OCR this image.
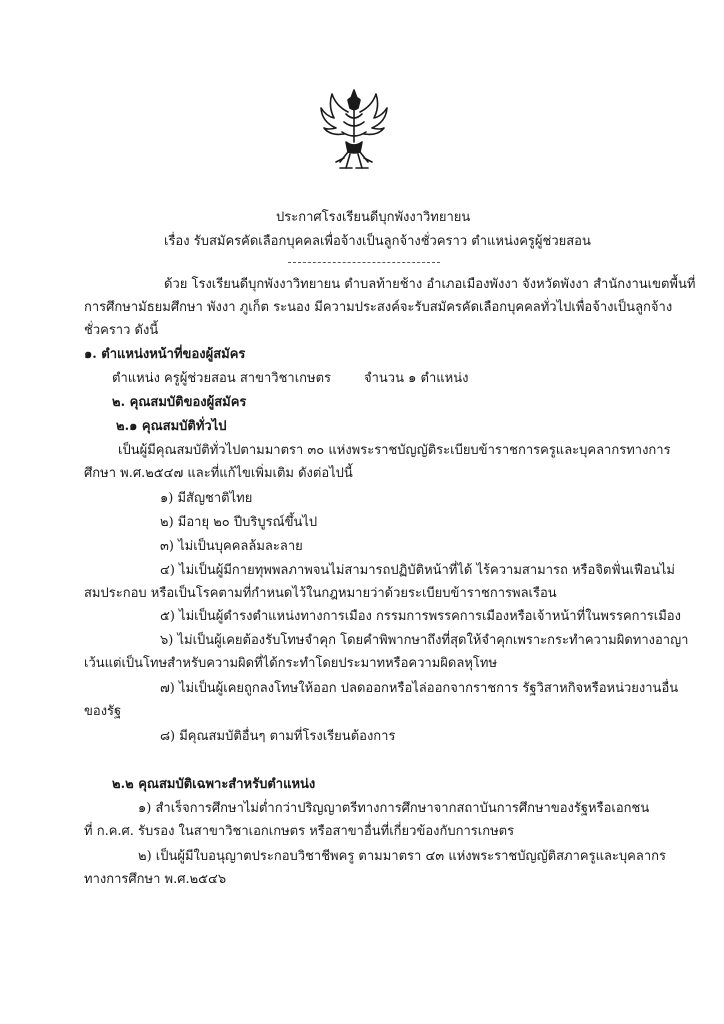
ประกาศโรงเรียนดีบุกพังงาวิทยายน
เรื่อง รับสมัครคัดเลือกบุคคลเพื่อจ้างเป็นลูกจ้างชั่วคราว ตำแหน่งครูผู้ช่วยสอน
ด้วย โรงเรียนดีบุกพังงาวิทยายน ตำบลท้ายช้าง อำเภอเมืองพังงา จังหวัดพังงา สำนักงานเขตพื้นที่
การศึกษามัธยมศึกษา พังงา ภูเก็ต ระนอง มีความประสงค์จะรับสมัครคัดเลือกบุคคลทั่วไปเพื่อจ้างเป็นลูกจ้าง
ชั่วคราว ดังนี้
๑. ตำแหน่งหน้าที่ของผู้สมัคร
ตำแหน่ง ครูผู้ช่วยสอน สาขาวิชาเกษตร	จำนวน ๑ ตำแหน่ง
๒. คุณสมบัติของผู้สมัคร
๒.๑ คุณสมบัติทั่วไป
เป็นผู้มีคุณสมบัติทั่วไปตามมาตรา ๓๐ แห่งพระราชบัญญัติระเบียบข้าราชการครูและบุคลากรทางการ
ศึกษา พ.ศ.๒๕๔๗ และที่แก้ไขเพิ่มเติม ดังต่อไปนี้
๑) มีสัญชาติไทย
๒) มีอายุ ๒๐ ปีบริบูรณ์ขึ้นไป
๓) ไม่เป็นบุคคลล้มละลาย
๔) ไม่เป็นผู้มีกายทุพพลภาพจนไม่สามารถปฏิบัติหน้าที่ได้ ไร้ความสามารถ หรือจิตฟั่นเฟือนไม่
สมประกอบ หรือเป็นโรคตามที่กำหนดไว้ในกฎหมายว่าด้วยระเบียบข้าราชการพลเรือน
๕) ไม่เป็นผู้ดำรงตำแหน่งทางการเมือง กรรมการพรรคการเมืองหรือเจ้าหน้าที่ในพรรคการเมือง
๖) ไม่เป็นผู้เคยต้องรับโทษจำคุก โดยคำพิพากษาถึงที่สุดให้จำคุกเพราะกระทำความผิดทางอาญา
เว้นแต่เป็นโทษสำหรับความผิดที่ได้กระทำโดยประมาทหรือความผิดลหุโทษ
๗) ไม่เป็นผู้เคยถูกลงโทษให้ออก ปลดออกหรือไล่ออกจากราชการ รัฐวิสาหกิจหรือหน่วยงานอื่น
ของรัฐ
๘) มีคุณสมบัติอื่นๆ ตามที่โรงเรียนต้องการ
๒.๒ คุณสมบัติเฉพาะสำหรับตำแหน่ง
๑) สำเร็จการศึกษาไม่ต่ำกว่าปริญญาตรีทางการศึกษาจากสถาบันการศึกษาของรัฐหรือเอกชน
ที่ ก.ค.ศ. รับรอง ในสาขาวิชาเอกเกษตร หรือสาขาอื่นที่เกี่ยวข้องกับการเกษตร
๒) เป็นผู้มีใบอนุญาตประกอบวิชาชีพครู ตามมาตรา ๔๓ แห่งพระราชบัญญัติสภาครูและบุคลากร
ทางการศึกษา พ.ศ.๒๕๔๖
